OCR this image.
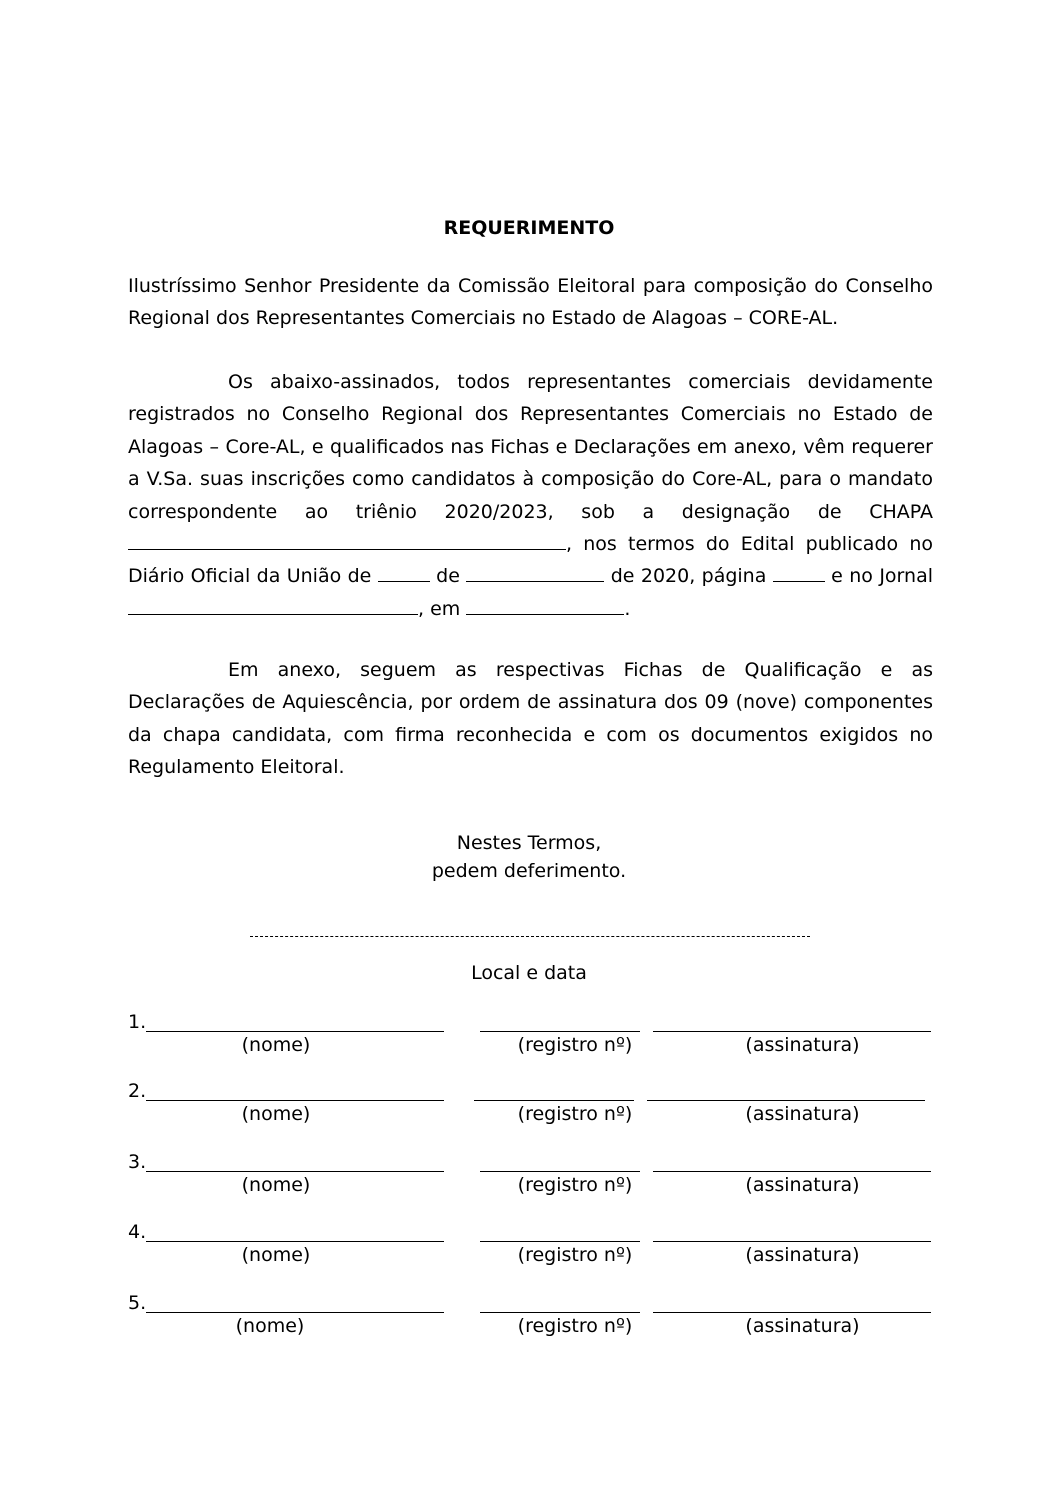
REQUERIMENTO
Ilustríssimo Senhor Presidente da Comissão Eleitoral para composição do Conselho Regional dos Representantes Comerciais no Estado de Alagoas – CORE-AL.
Os abaixo-assinados, todos representantes comerciais devidamente registrados no Conselho Regional dos Representantes Comerciais no Estado de Alagoas – Core-AL, e qualificados nas Fichas e Declarações em anexo, vêm requerer a V.Sa. suas inscrições como candidatos à composição do Core-AL, para o mandato correspondente ao triênio 2020/2023, sob a designação de CHAPA , nos termos do Edital publicado no Diário Oficial da União de	de	de 2020, página	e no Jornal , em	.
Em anexo, seguem as respectivas Fichas de Qualificação e as Declarações de Aquiescência, por ordem de assinatura dos 09 (nove) componentes da chapa candidata, com firma reconhecida e com os documentos exigidos no Regulamento Eleitoral.
Nestes Termos,
pedem deferimento.
Local e data
1.
(nome)	(registro nº)	(assinatura)
2.
(nome)	(registro nº)	(assinatura)
3.
(nome)	(registro nº)	(assinatura)
4.
(nome)	(registro nº)	(assinatura)
5.
(nome)	(registro nº)	(assinatura)
